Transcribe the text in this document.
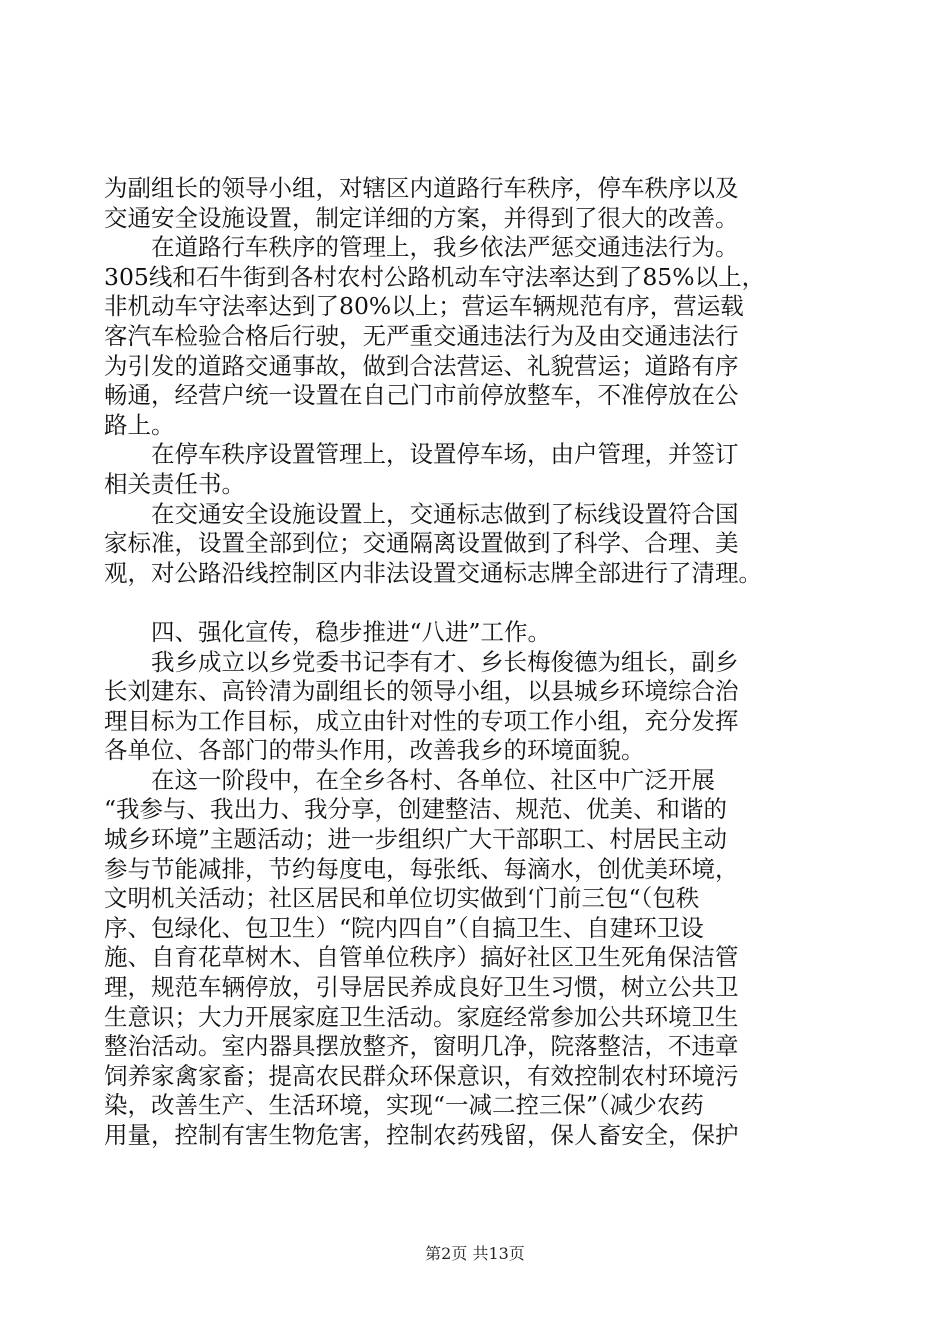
为副组长的领导小组，对辖区内道路行车秩序，停车秩序以及
交通安全设施设置，制定详细的方案，并得到了很大的改善。
　　在道路行车秩序的管理上，我乡依法严惩交通违法行为。
305线和石牛街到各村农村公路机动车守法率达到了85%以上，
非机动车守法率达到了80%以上；营运车辆规范有序，营运载
客汽车检验合格后行驶，无严重交通违法行为及由交通违法行
为引发的道路交通事故，做到合法营运、礼貌营运；道路有序
畅通，经营户统一设置在自己门市前停放整车，不准停放在公
路上。
　　在停车秩序设置管理上，设置停车场，由户管理，并签订
相关责任书。
　　在交通安全设施设置上，交通标志做到了标线设置符合国
家标准，设置全部到位；交通隔离设置做到了科学、合理、美
观，对公路沿线控制区内非法设置交通标志牌全部进行了清理。
　　四、强化宣传，稳步推进“八进”工作。
　　我乡成立以乡党委书记李有才、乡长梅俊德为组长，副乡
长刘建东、高铃清为副组长的领导小组，以县城乡环境综合治
理目标为工作目标，成立由针对性的专项工作小组，充分发挥
各单位、各部门的带头作用，改善我乡的环境面貌。
　　在这一阶段中，在全乡各村、各单位、社区中广泛开展
“我参与、我出力、我分享，创建整洁、规范、优美、和谐的
城乡环境”主题活动；进一步组织广大干部职工、村居民主动
参与节能减排，节约每度电，每张纸、每滴水，创优美环境，
文明机关活动；社区居民和单位切实做到‘门前三包“（包秩
序、包绿化、包卫生）“院内四自”（自搞卫生、自建环卫设
施、自育花草树木、自管单位秩序）搞好社区卫生死角保洁管
理，规范车辆停放，引导居民养成良好卫生习惯，树立公共卫
生意识；大力开展家庭卫生活动。家庭经常参加公共环境卫生
整治活动。室内器具摆放整齐，窗明几净，院落整洁，不违章
饲养家禽家畜；提高农民群众环保意识，有效控制农村环境污
染，改善生产、生活环境，实现“一减二控三保”（减少农药
用量，控制有害生物危害，控制农药残留，保人畜安全，保护
第2页 共13页
